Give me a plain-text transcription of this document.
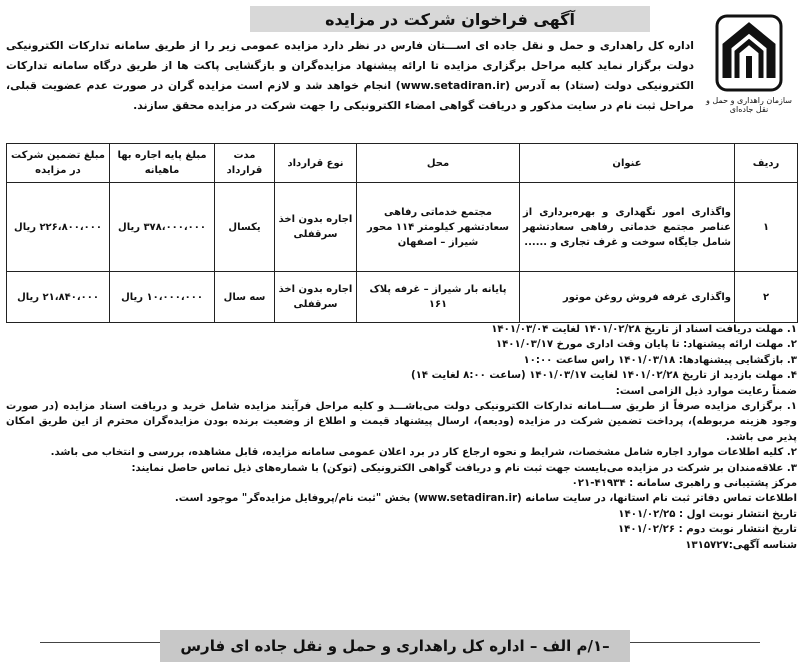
آگهی فراخوان شرکت در مزایده
سازمان راهداری و حمل و نقل جاده‌ای

اداره کل راهداری و حمل و نقل جاده ای اســـتان فارس در نظر دارد مزایده عمومی زیر را از طریق سامانه تدارکات الکترونیکی دولت برگزار نماید کلیه مراحل برگزاری مزایده تا ارائه پیشنهاد مزایده‌گران و بازگشایی پاکت ها از طریق درگاه سامانه تدارکات الکترونیکی دولت (ستاد) به آدرس (www.setadiran.ir) انجام خواهد شد و لازم است مزایده گران در صورت عدم عضویت قبلی، مراحل ثبت نام در سایت مذکور و دریافت گواهی امضاء الکترونیکی را جهت شرکت در مزایده محقق سازند.

ردیف	عنوان	محل	نوع قرارداد	مدت قرارداد	مبلغ پایه اجاره بها ماهیانه	مبلغ تضمین شرکت در مزایده
۱	واگذاری امور نگهداری و بهره‌برداری از عناصر مجتمع خدماتی رفاهی سعادتشهر شامل جایگاه سوخت و غرف تجاری و ......	مجتمع خدماتی رفاهی سعادتشهر کیلومتر ۱۱۴ محور شیراز – اصفهان	اجاره بدون اخذ سرقفلی	یکسال	۳۷۸،۰۰۰،۰۰۰ ریال	۲۲۶،۸۰۰،۰۰۰ ریال
۲	واگذاری غرفه فروش روغن موتور	پایانه بار شیراز – غرفه پلاک ۱۶۱	اجاره بدون اخذ سرقفلی	سه سال	۱۰،۰۰۰،۰۰۰ ریال	۲۱،۸۴۰،۰۰۰ ریال
۱. مهلت دریافت اسناد از تاریخ ۱۴۰۱/۰۲/۲۸ لغایت ۱۴۰۱/۰۳/۰۴
۲. مهلت ارائه پیشنهاد: تا پایان وقت اداری مورخ ۱۴۰۱/۰۳/۱۷
۳. بازگشایی پیشنهادها: ۱۴۰۱/۰۳/۱۸ راس ساعت ۱۰:۰۰
۴. مهلت بازدید از تاریخ ۱۴۰۱/۰۲/۲۸ لغایت ۱۴۰۱/۰۳/۱۷ (ساعت ۸:۰۰ لغایت ۱۴)
ضمناً رعایت موارد ذیل الزامی است:
۱. برگزاری مزایده صرفاً از طریق ســـامانه تدارکات الکترونیکی دولت می‌باشـــد و کلیه مراحل فرآیند مزایده شامل خرید و دریافت اسناد مزایده (در صورت وجود هزینه مربوطه)، پرداخت تضمین شرکت در مزایده (ودیعه)، ارسال پیشنهاد قیمت و اطلاع از وضعیت برنده بودن مزایده‌گران محترم از این طریق امکان پذیر می باشد.
۲. کلیه اطلاعات موارد اجاره شامل مشخصات، شرایط و نحوه ارجاع کار در برد اعلان عمومی سامانه مزایده، قابل مشاهده، بررسی و انتخاب می باشد.
۳. علاقه‌مندان بر شرکت در مزایده می‌بایست جهت ثبت نام و دریافت گواهی الکترونیکی (توکن) با شماره‌های ذیل تماس حاصل نمایند:
مرکز پشتیبانی و راهبری سامانه : ۴۱۹۳۴-۰۲۱
اطلاعات تماس دفاتر ثبت نام استانها، در سایت سامانه (www.setadiran.ir) بخش "ثبت نام/پروفایل مزایده‌گر" موجود است.
تاریخ انتشار نوبت اول : ۱۴۰۱/۰۲/۲۵
تاریخ انتشار نوبت دوم : ۱۴۰۱/۰۲/۲۶
شناسه آگهی:۱۳۱۵۷۲۷
–۱/م الف – اداره کل راهداری و حمل و نقل جاده ای فارس
